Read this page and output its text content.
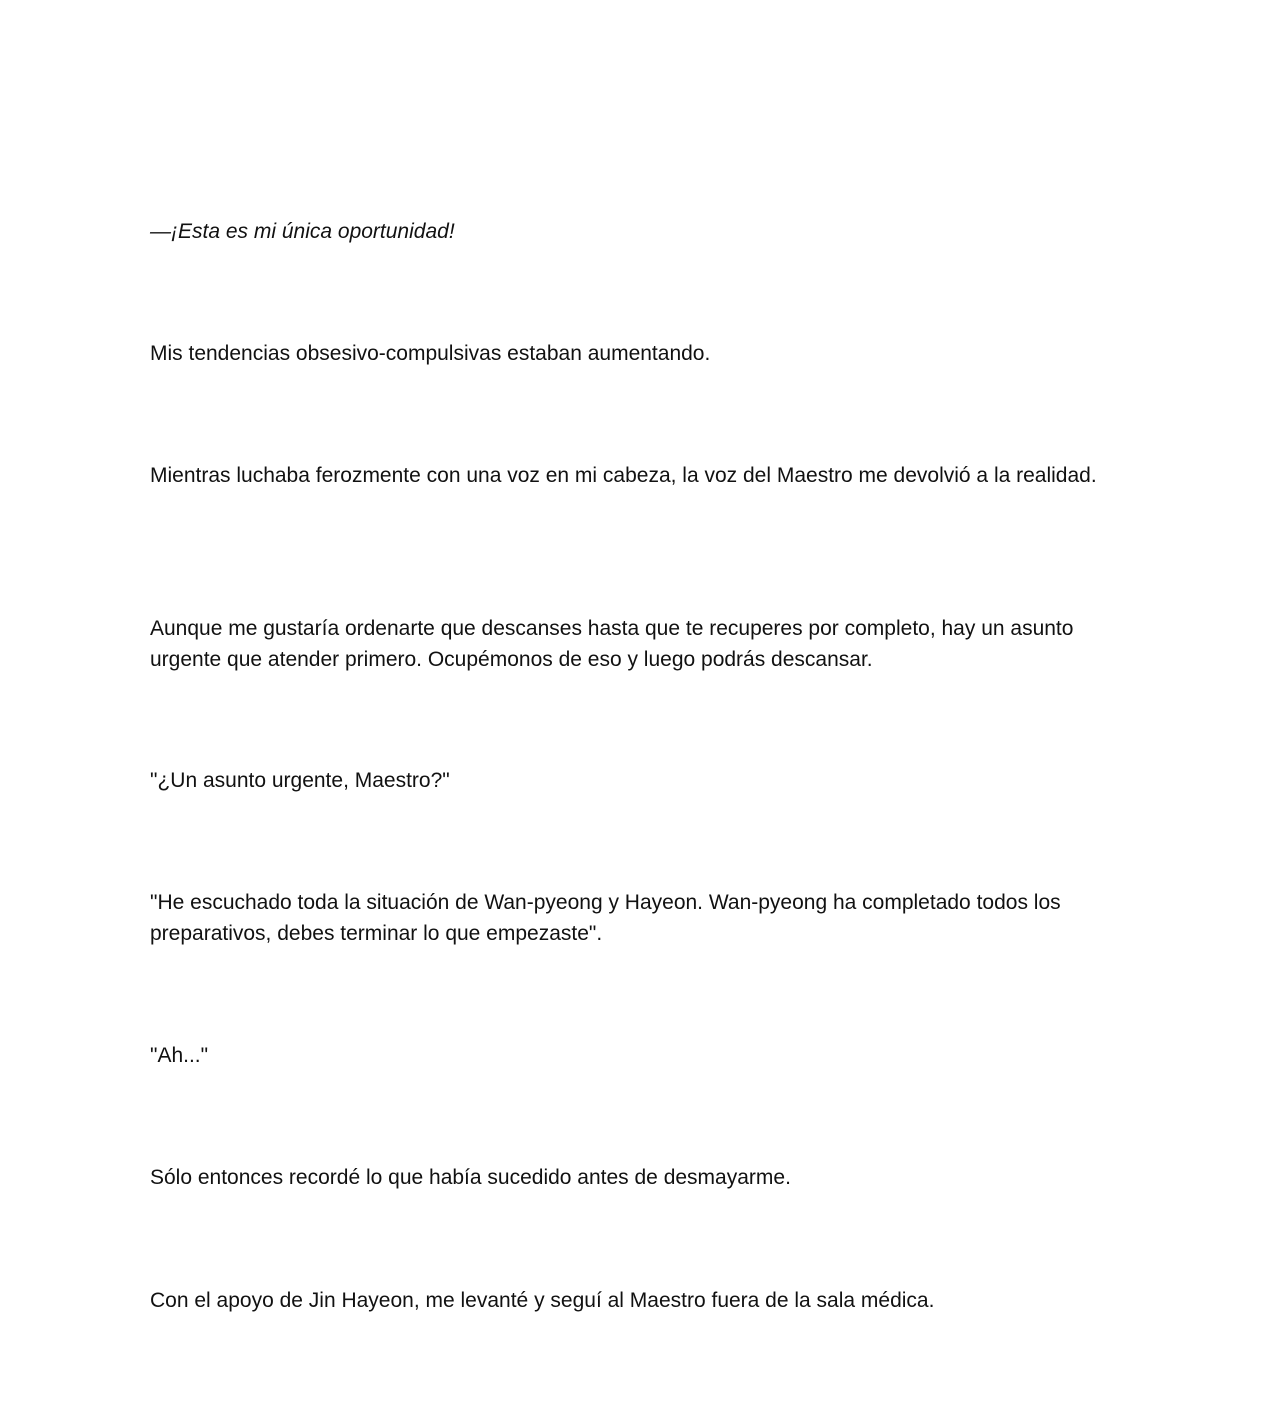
—¡Esta es mi única oportunidad!

Mis tendencias obsesivo-compulsivas estaban aumentando.

Mientras luchaba ferozmente con una voz en mi cabeza, la voz del Maestro me devolvió a la realidad.

Aunque me gustaría ordenarte que descanses hasta que te recuperes por completo, hay un asunto urgente que atender primero. Ocupémonos de eso y luego podrás descansar.

"¿Un asunto urgente, Maestro?"

"He escuchado toda la situación de Wan-pyeong y Hayeon. Wan-pyeong ha completado todos los preparativos, debes terminar lo que empezaste".

"Ah..."

Sólo entonces recordé lo que había sucedido antes de desmayarme.

Con el apoyo de Jin Hayeon, me levanté y seguí al Maestro fuera de la sala médica.
